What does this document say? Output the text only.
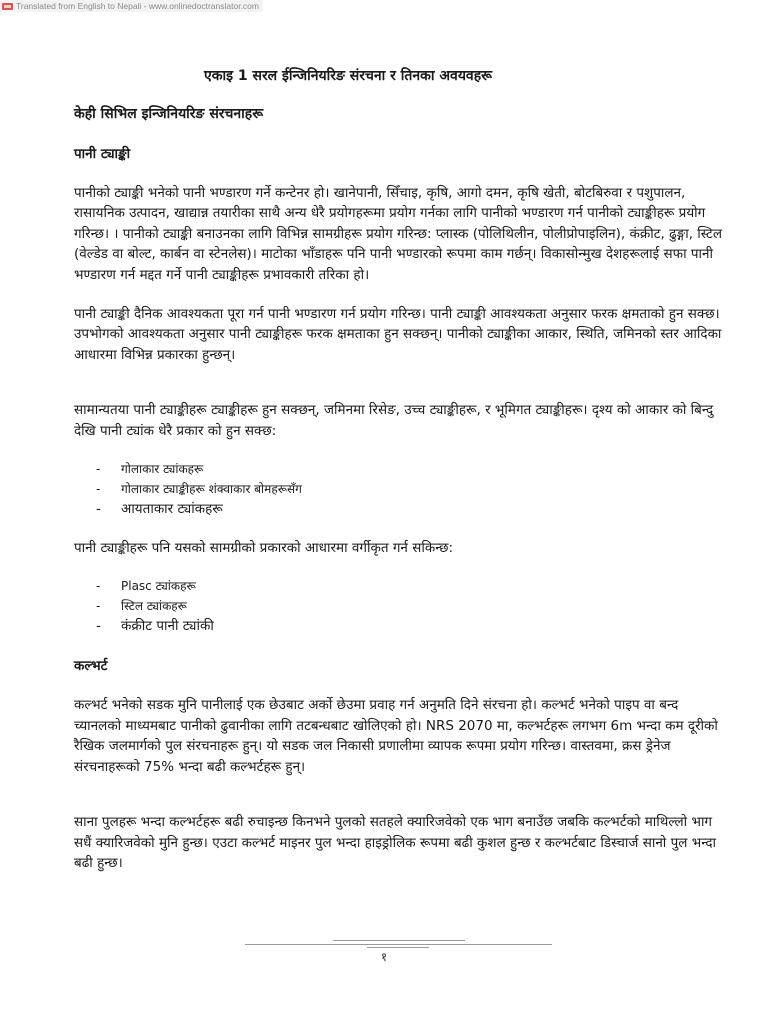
Translated from English to Nepali - www.onlinedoctranslator.com
एकाइ 1 सरल ईन्जिनियरिङ संरचना र तिनका अवयवहरू
केही सिभिल इन्जिनियरिङ संरचनाहरू
पानी ट्याङ्की

पानीको ट्याङ्की भनेको पानी भण्डारण गर्ने कन्टेनर हो। खानेपानी, सिँचाइ, कृषि, आगो दमन, कृषि खेती, बोटबिरुवा र पशुपालन, रासायनिक उत्पादन, खाद्यान्न तयारीका साथै अन्य धेरै प्रयोगहरूमा प्रयोग गर्नका लागि पानीको भण्डारण गर्न पानीको ट्याङ्कीहरू प्रयोग गरिन्छ। । पानीको ट्याङ्की बनाउनका लागि विभिन्न सामग्रीहरू प्रयोग गरिन्छ: प्लास्क (पोलिथिलीन, पोलीप्रोपाइलिन), कंक्रीट, ढुङ्गा, स्टिल (वेल्डेड वा बोल्ट, कार्बन वा स्टेनलेस)। माटोका भाँडाहरू पनि पानी भण्डारको रूपमा काम गर्छन्। विकासोन्मुख देशहरूलाई सफा पानी भण्डारण गर्न मद्दत गर्ने पानी ट्याङ्कीहरू प्रभावकारी तरिका हो।

पानी ट्याङ्की दैनिक आवश्यकता पूरा गर्न पानी भण्डारण गर्न प्रयोग गरिन्छ। पानी ट्याङ्की आवश्यकता अनुसार फरक क्षमताको हुन सक्छ। उपभोगको आवश्यकता अनुसार पानी ट्याङ्कीहरू फरक क्षमताका हुन सक्छन्। पानीको ट्याङ्कीका आकार, स्थिति, जमिनको स्तर आदिका आधारमा विभिन्न प्रकारका हुन्छन्।

सामान्यतया पानी ट्याङ्कीहरू ट्याङ्कीहरू हुन सक्छन्, जमिनमा रिसेङ, उच्च ट्याङ्कीहरू, र भूमिगत ट्याङ्कीहरू। दृश्य को आकार को बिन्दु देखि पानी ट्यांक धेरै प्रकार को हुन सक्छ:

-	गोलाकार ट्यांकहरू
-	गोलाकार ट्याङ्कीहरू शंक्वाकार बोमहरूसँग
-	आयताकार ट्यांकहरू

पानी ट्याङ्कीहरू पनि यसको सामग्रीको प्रकारको आधारमा वर्गीकृत गर्न सकिन्छ:

-	Plasc ट्यांकहरू
-	स्टिल ट्यांकहरू
-	कंक्रीट पानी ट्यांकी
कल्भर्ट

कल्भर्ट भनेको सडक मुनि पानीलाई एक छेउबाट अर्को छेउमा प्रवाह गर्न अनुमति दिने संरचना हो। कल्भर्ट भनेको पाइप वा बन्द च्यानलको माध्यमबाट पानीको ढुवानीका लागि तटबन्धबाट खोलिएको हो। NRS 2070 मा, कल्भर्टहरू लगभग 6m भन्दा कम दूरीको रैखिक जलमार्गको पुल संरचनाहरू हुन्। यो सडक जल निकासी प्रणालीमा व्यापक रूपमा प्रयोग गरिन्छ। वास्तवमा, क्रस ड्रेनेज संरचनाहरूको 75% भन्दा बढी कल्भर्टहरू हुन्।

साना पुलहरू भन्दा कल्भर्टहरू बढी रुचाइन्छ किनभने पुलको सतहले क्यारिजवेको एक भाग बनाउँछ जबकि कल्भर्टको माथिल्लो भाग सधैं क्यारिजवेको मुनि हुन्छ। एउटा कल्भर्ट माइनर पुल भन्दा हाइड्रोलिक रूपमा बढी कुशल हुन्छ र कल्भर्टबाट डिस्चार्ज सानो पुल भन्दा बढी हुन्छ।

१
